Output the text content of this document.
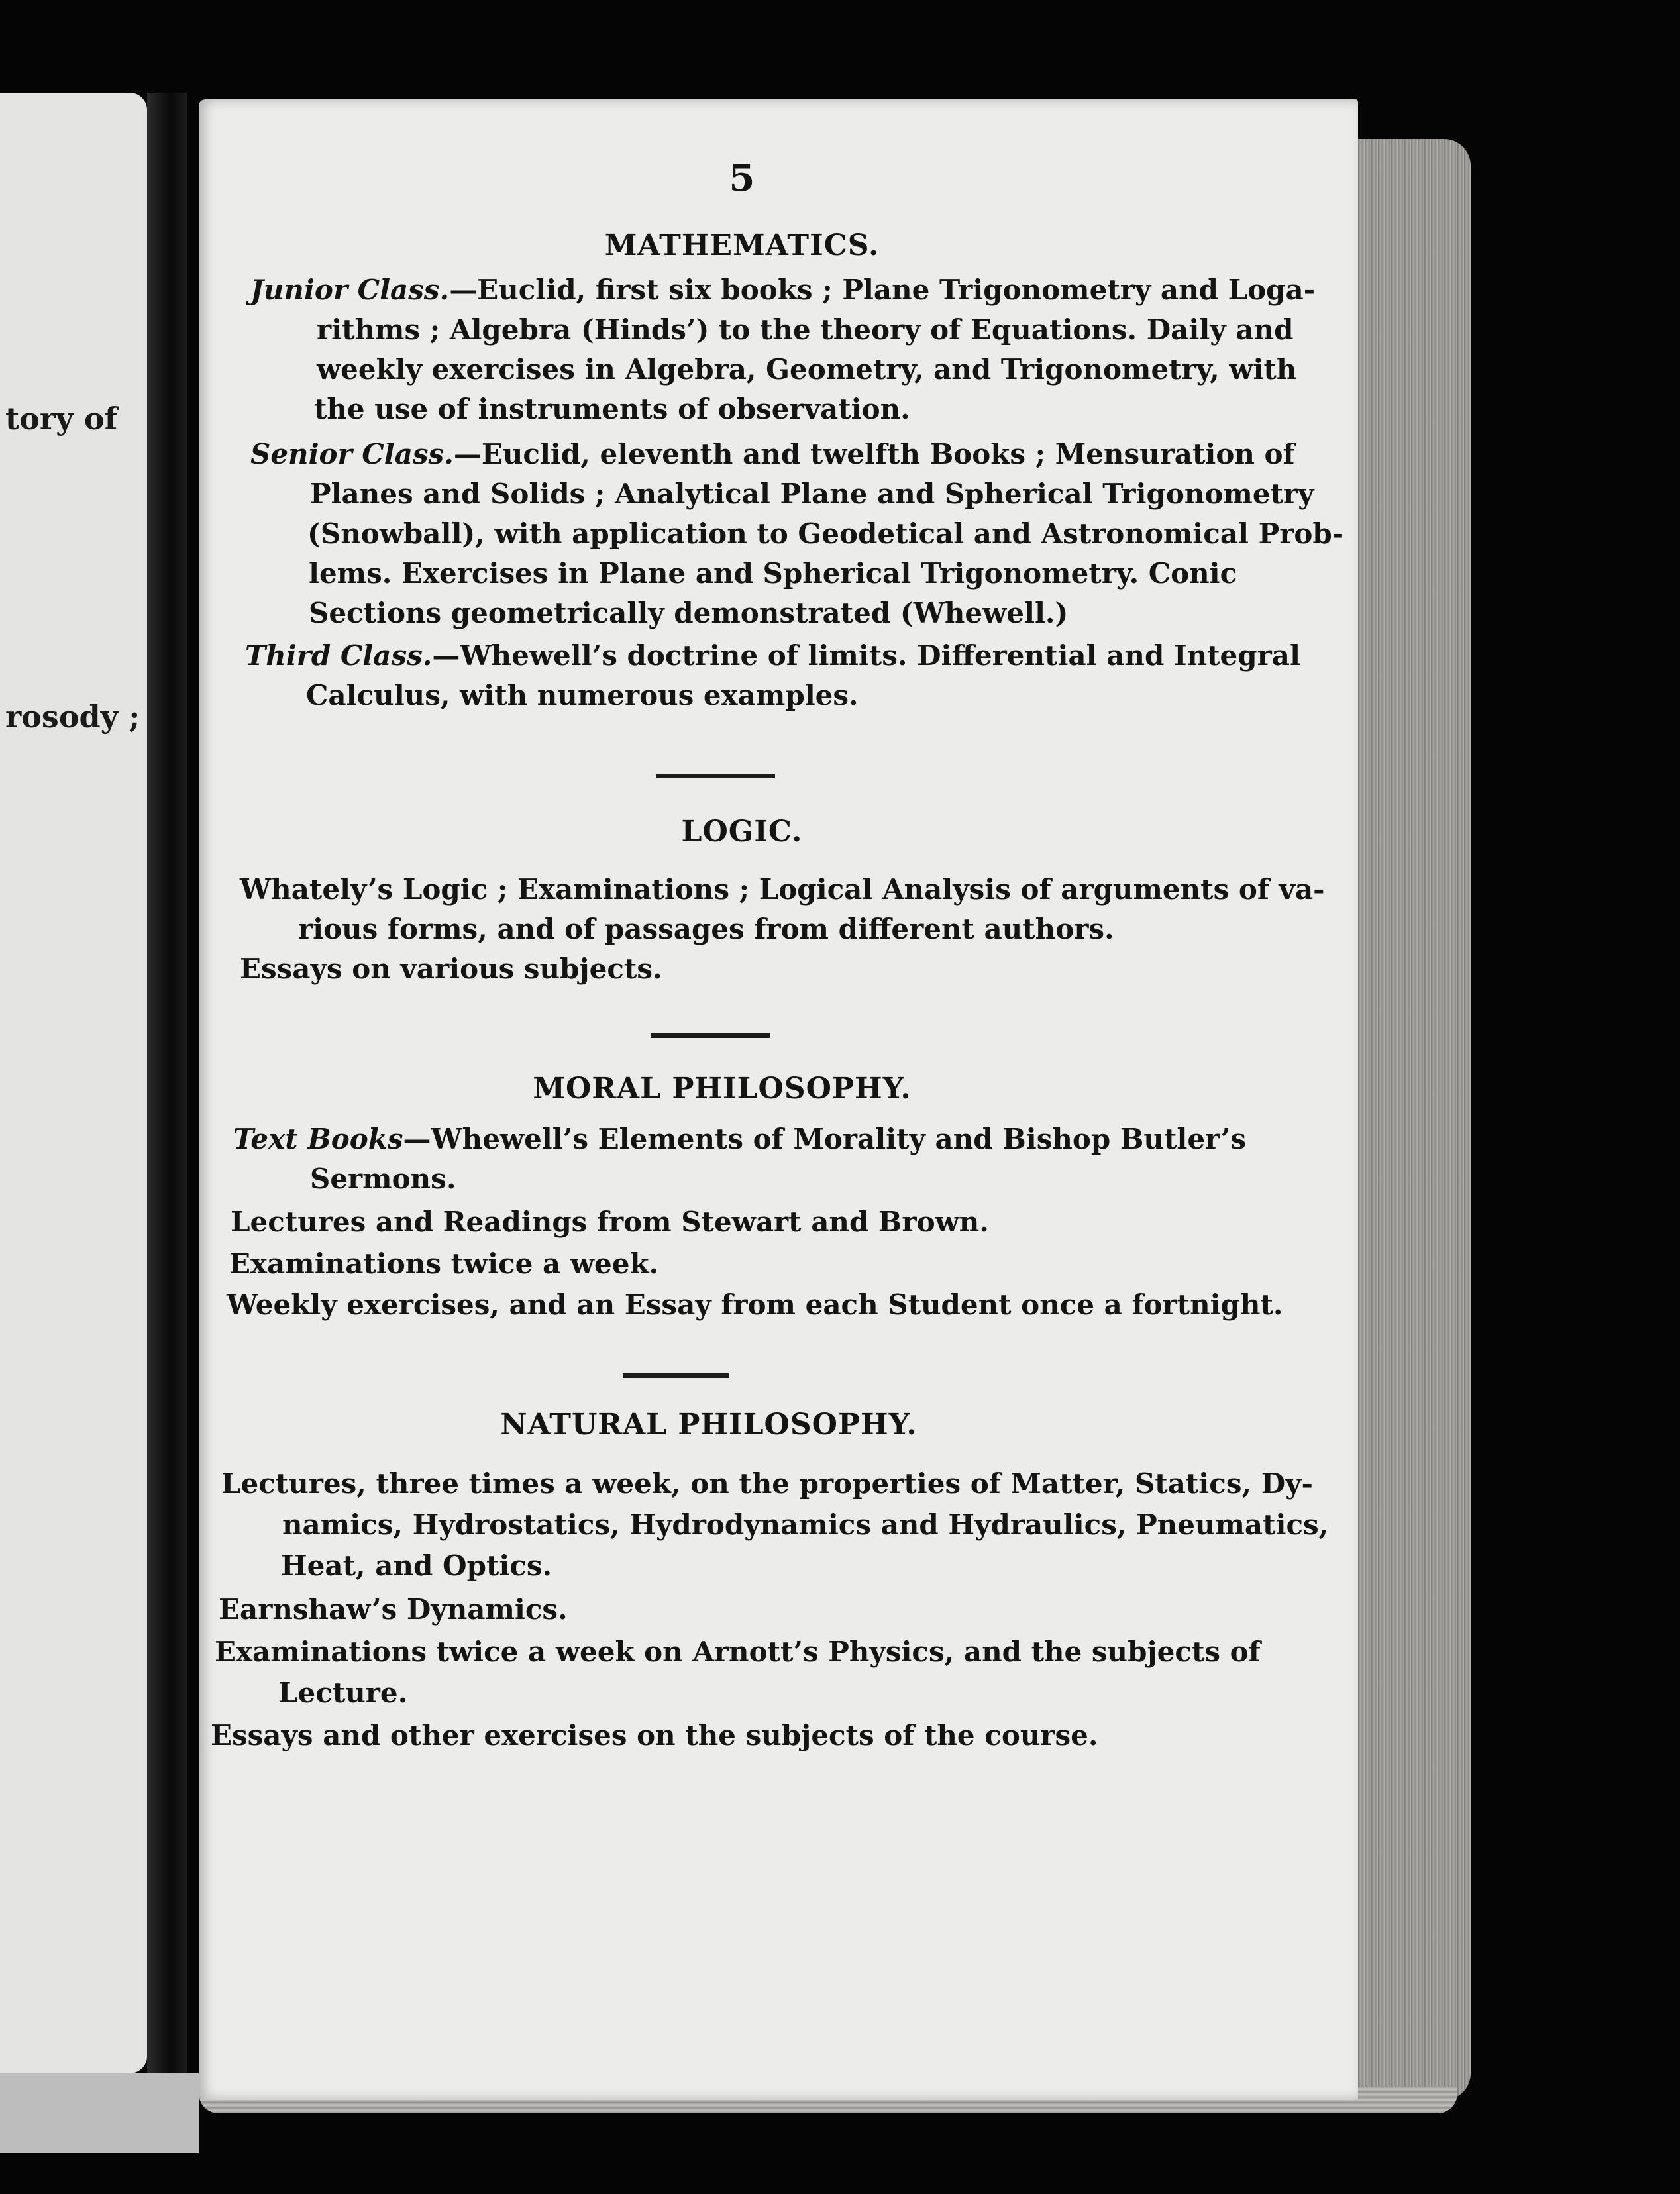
tory of
rosody ;
5
MATHEMATICS.
Junior Class.—Euclid, first six books ; Plane Trigonometry and Loga-
rithms ; Algebra (Hinds’) to the theory of Equations. Daily and
weekly exercises in Algebra, Geometry, and Trigonometry, with
the use of instruments of observation.
Senior Class.—Euclid, eleventh and twelfth Books ; Mensuration of
Planes and Solids ; Analytical Plane and Spherical Trigonometry
(Snowball), with application to Geodetical and Astronomical Prob-
lems. Exercises in Plane and Spherical Trigonometry. Conic
Sections geometrically demonstrated (Whewell.)
Third Class.—Whewell’s doctrine of limits. Differential and Integral
Calculus, with numerous examples.
LOGIC.
Whately’s Logic ; Examinations ; Logical Analysis of arguments of va-
rious forms, and of passages from different authors.
Essays on various subjects.
MORAL PHILOSOPHY.
Text Books—Whewell’s Elements of Morality and Bishop Butler’s
Sermons.
Lectures and Readings from Stewart and Brown.
Examinations twice a week.
Weekly exercises, and an Essay from each Student once a fortnight.
NATURAL PHILOSOPHY.
Lectures, three times a week, on the properties of Matter, Statics, Dy-
namics, Hydrostatics, Hydrodynamics and Hydraulics, Pneumatics,
Heat, and Optics.
Earnshaw’s Dynamics.
Examinations twice a week on Arnott’s Physics, and the subjects of
Lecture.
Essays and other exercises on the subjects of the course.
